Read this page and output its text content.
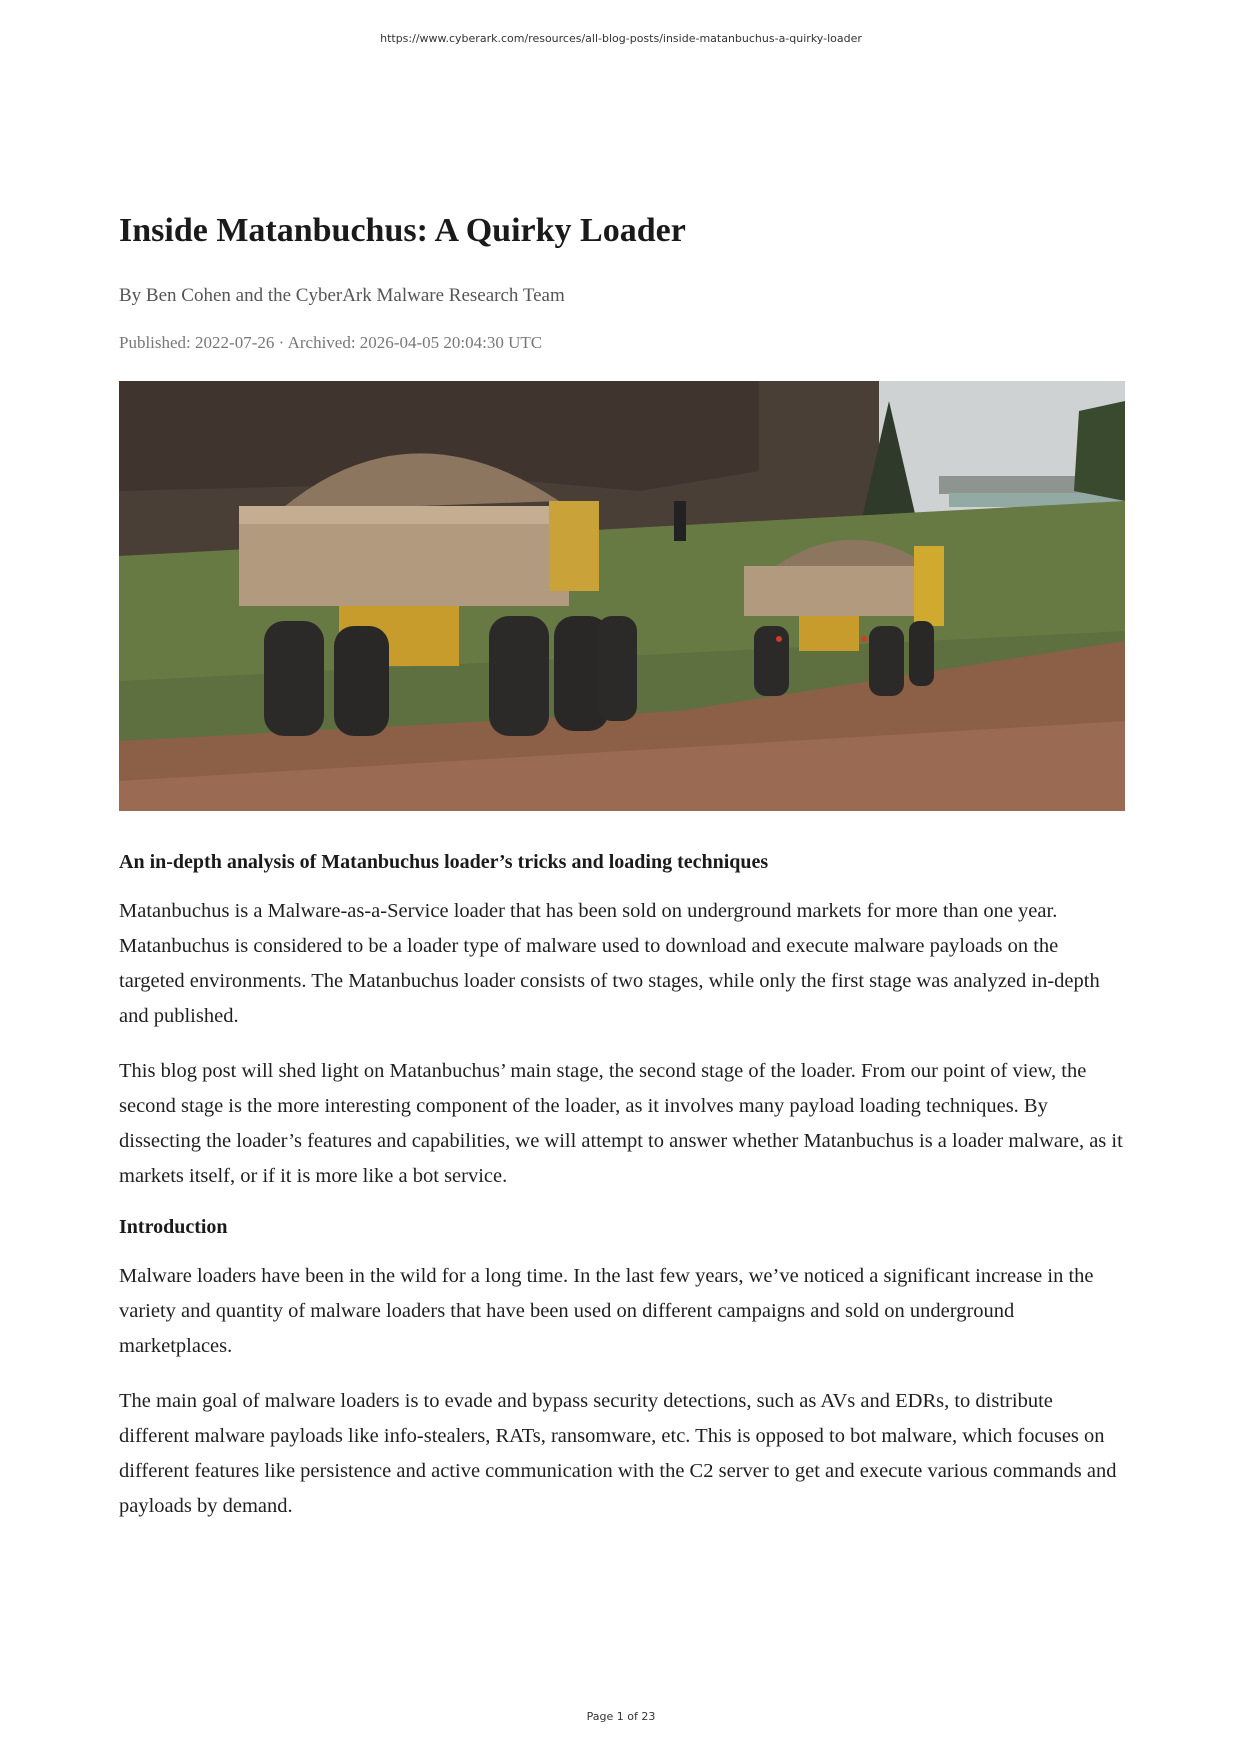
https://www.cyberark.com/resources/all-blog-posts/inside-matanbuchus-a-quirky-loader
Inside Matanbuchus: A Quirky Loader
By Ben Cohen and the CyberArk Malware Research Team
Published: 2022-07-26 · Archived: 2026-04-05 20:04:30 UTC
An in-depth analysis of Matanbuchus loader’s tricks and loading techniques

Matanbuchus is a Malware-as-a-Service loader that has been sold on underground markets for more than one year. Matanbuchus is considered to be a loader type of malware used to download and execute malware payloads on the targeted environments. The Matanbuchus loader consists of two stages, while only the first stage was analyzed in-depth and published.

This blog post will shed light on Matanbuchus’ main stage, the second stage of the loader. From our point of view, the second stage is the more interesting component of the loader, as it involves many payload loading techniques. By dissecting the loader’s features and capabilities, we will attempt to answer whether Matanbuchus is a loader malware, as it markets itself, or if it is more like a bot service.

Introduction

Malware loaders have been in the wild for a long time. In the last few years, we’ve noticed a significant increase in the variety and quantity of malware loaders that have been used on different campaigns and sold on underground marketplaces.

The main goal of malware loaders is to evade and bypass security detections, such as AVs and EDRs, to distribute different malware payloads like info-stealers, RATs, ransomware, etc. This is opposed to bot malware, which focuses on different features like persistence and active communication with the C2 server to get and execute various commands and payloads by demand.

Page 1 of 23
